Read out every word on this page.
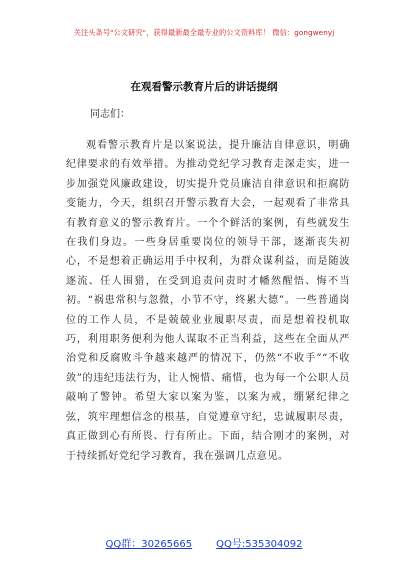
关注头条号"公文研究"，获得最新最全最专业的公文资料库！ 微信：gongwenyj
在观看警示教育片后的讲话提纲
同志们：
观看警示教育片是以案说法，提升廉洁自律意识，明确纪律要求的有效举措。为推动党纪学习教育走深走实，进一步加强党风廉政建设，切实提升党员廉洁自律意识和拒腐防变能力，今天，组织召开警示教育大会，一起观看了非常具有教育意义的警示教育片。一个个鲜活的案例，有些就发生在我们身边。一些身居重要岗位的领导干部，逐渐丧失初心，不是想着正确运用手中权利，为群众谋利益，而是随波逐流、任人围猎，在受到追责问责时才幡然醒悟、悔不当初。“祸患常积与忽微，小节不守，终累大德”。一些普通岗位的工作人员，不是兢兢业业履职尽责，而是想着投机取巧，利用职务便利为他人谋取不正当利益，这些在全面从严治党和反腐败斗争越来越严的情况下，仍然“不收手”“不收敛”的违纪违法行为，让人惋惜、痛惜，也为每一个公职人员敲响了警钟。希望大家以案为鉴，以案为戒，绷紧纪律之弦，筑牢理想信念的根基，自觉遵章守纪，忠诚履职尽责，真正做到心有所畏、行有所止。下面，结合刚才的案例，对于持续抓好党纪学习教育，我在强调几点意见。
QQ群：30265665 QQ号:535304092
